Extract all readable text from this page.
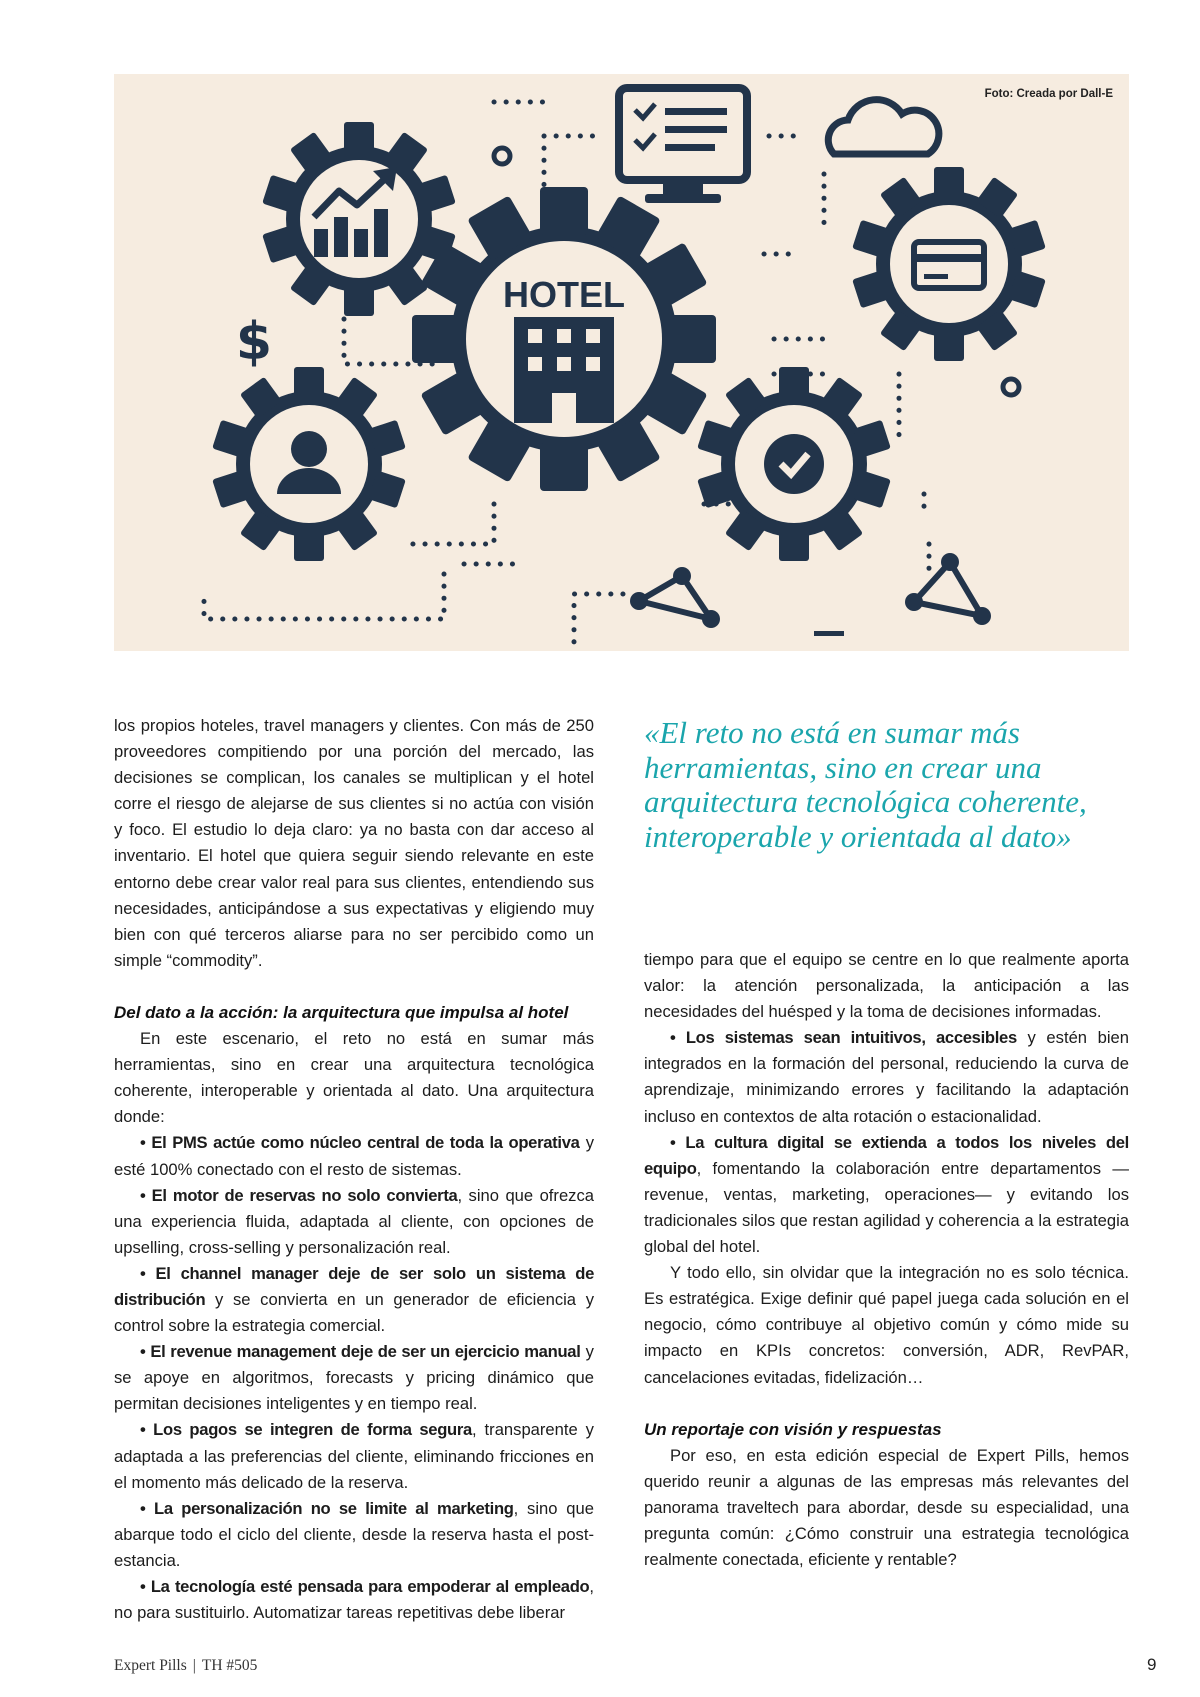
HOTEL
$
Foto: Creada por Dall-E

los propios hoteles, travel managers y clientes. Con más de 250 proveedores compitiendo por una porción del mercado, las decisiones se complican, los canales se multiplican y el hotel corre el riesgo de alejarse de sus clientes si no actúa con visión y foco. El estudio lo deja claro: ya no basta con dar acceso al inventario. El hotel que quiera seguir siendo relevante en este entorno debe crear valor real para sus clientes, entendiendo sus necesidades, anticipándose a sus expectativas y eligiendo muy bien con qué terceros aliarse para no ser percibido como un simple “commodity”.

Del dato a la acción: la arquitectura que impulsa al hotel

En este escenario, el reto no está en sumar más herramientas, sino en crear una arquitectura tecnológica coherente, interoperable y orientada al dato. Una arquitectura donde:

• El PMS actúe como núcleo central de toda la operativa y esté 100% conectado con el resto de sistemas.

• El motor de reservas no solo convierta, sino que ofrezca una experiencia fluida, adaptada al cliente, con opciones de upselling, cross-selling y personalización real.

• El channel manager deje de ser solo un sistema de distribución y se convierta en un generador de eficiencia y control sobre la estrategia comercial.

• El revenue management deje de ser un ejercicio manual y se apoye en algoritmos, forecasts y pricing dinámico que permitan decisiones inteligentes y en tiempo real.

• Los pagos se integren de forma segura, transparente y adaptada a las preferencias del cliente, eliminando fricciones en el momento más delicado de la reserva.

• La personalización no se limite al marketing, sino que abarque todo el ciclo del cliente, desde la reserva hasta el post-estancia.

• La tecnología esté pensada para empoderar al empleado, no para sustituirlo. Automatizar tareas repetitivas debe liberar

«El reto no está en sumar más herramientas, sino en crear una arquitectura tecnológica coherente, interoperable y orientada al dato»

tiempo para que el equipo se centre en lo que realmente aporta valor: la atención personalizada, la anticipación a las necesidades del huésped y la toma de decisiones informadas.

• Los sistemas sean intuitivos, accesibles y estén bien integrados en la formación del personal, reduciendo la curva de aprendizaje, minimizando errores y facilitando la adaptación incluso en contextos de alta rotación o estacionalidad.

• La cultura digital se extienda a todos los niveles del equipo, fomentando la colaboración entre departamentos —revenue, ventas, marketing, operaciones— y evitando los tradicionales silos que restan agilidad y coherencia a la estrategia global del hotel.

Y todo ello, sin olvidar que la integración no es solo técnica. Es estratégica. Exige definir qué papel juega cada solución en el negocio, cómo contribuye al objetivo común y cómo mide su impacto en KPIs concretos: conversión, ADR, RevPAR, cancelaciones evitadas, fidelización…

Un reportaje con visión y respuestas

Por eso, en esta edición especial de Expert Pills, hemos querido reunir a algunas de las empresas más relevantes del panorama traveltech para abordar, desde su especialidad, una pregunta común: ¿Cómo construir una estrategia tecnológica realmente conectada, eficiente y rentable?

Expert Pills | TH #505	9
